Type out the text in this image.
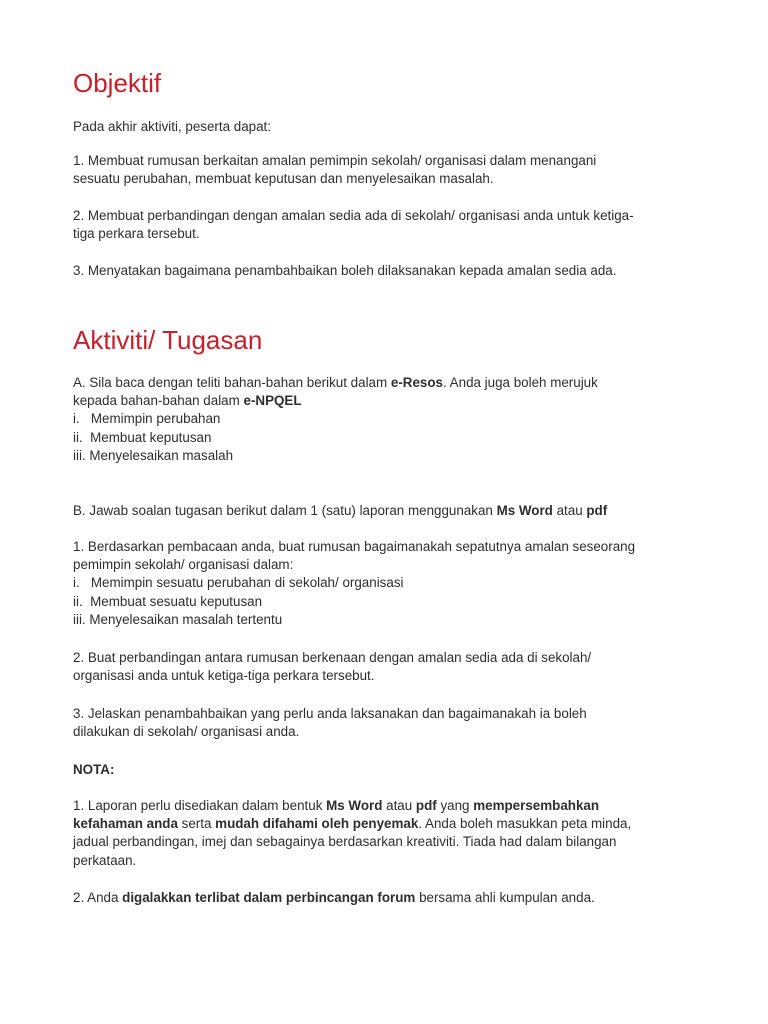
Objektif

Pada akhir aktiviti, peserta dapat:

1. Membuat rumusan berkaitan amalan pemimpin sekolah/ organisasi dalam menangani
sesuatu perubahan, membuat keputusan dan menyelesaikan masalah.

2. Membuat perbandingan dengan amalan sedia ada di sekolah/ organisasi anda untuk ketiga-
tiga perkara tersebut.

3. Menyatakan bagaimana penambahbaikan boleh dilaksanakan kepada amalan sedia ada.

Aktiviti/ Tugasan

A. Sila baca dengan teliti bahan-bahan berikut dalam e-Resos. Anda juga boleh merujuk
kepada bahan-bahan dalam e-NPQEL
i.   Memimpin perubahan
ii.  Membuat keputusan
iii. Menyelesaikan masalah

B. Jawab soalan tugasan berikut dalam 1 (satu) laporan menggunakan Ms Word atau pdf

1. Berdasarkan pembacaan anda, buat rumusan bagaimanakah sepatutnya amalan seseorang
pemimpin sekolah/ organisasi dalam:
i.   Memimpin sesuatu perubahan di sekolah/ organisasi
ii.  Membuat sesuatu keputusan
iii. Menyelesaikan masalah tertentu

2. Buat perbandingan antara rumusan berkenaan dengan amalan sedia ada di sekolah/
organisasi anda untuk ketiga-tiga perkara tersebut.

3. Jelaskan penambahbaikan yang perlu anda laksanakan dan bagaimanakah ia boleh
dilakukan di sekolah/ organisasi anda.

NOTA:

1. Laporan perlu disediakan dalam bentuk Ms Word atau pdf yang mempersembahkan
kefahaman anda serta mudah difahami oleh penyemak. Anda boleh masukkan peta minda,
jadual perbandingan, imej dan sebagainya berdasarkan kreativiti. Tiada had dalam bilangan
perkataan.

2. Anda digalakkan terlibat dalam perbincangan forum bersama ahli kumpulan anda.
